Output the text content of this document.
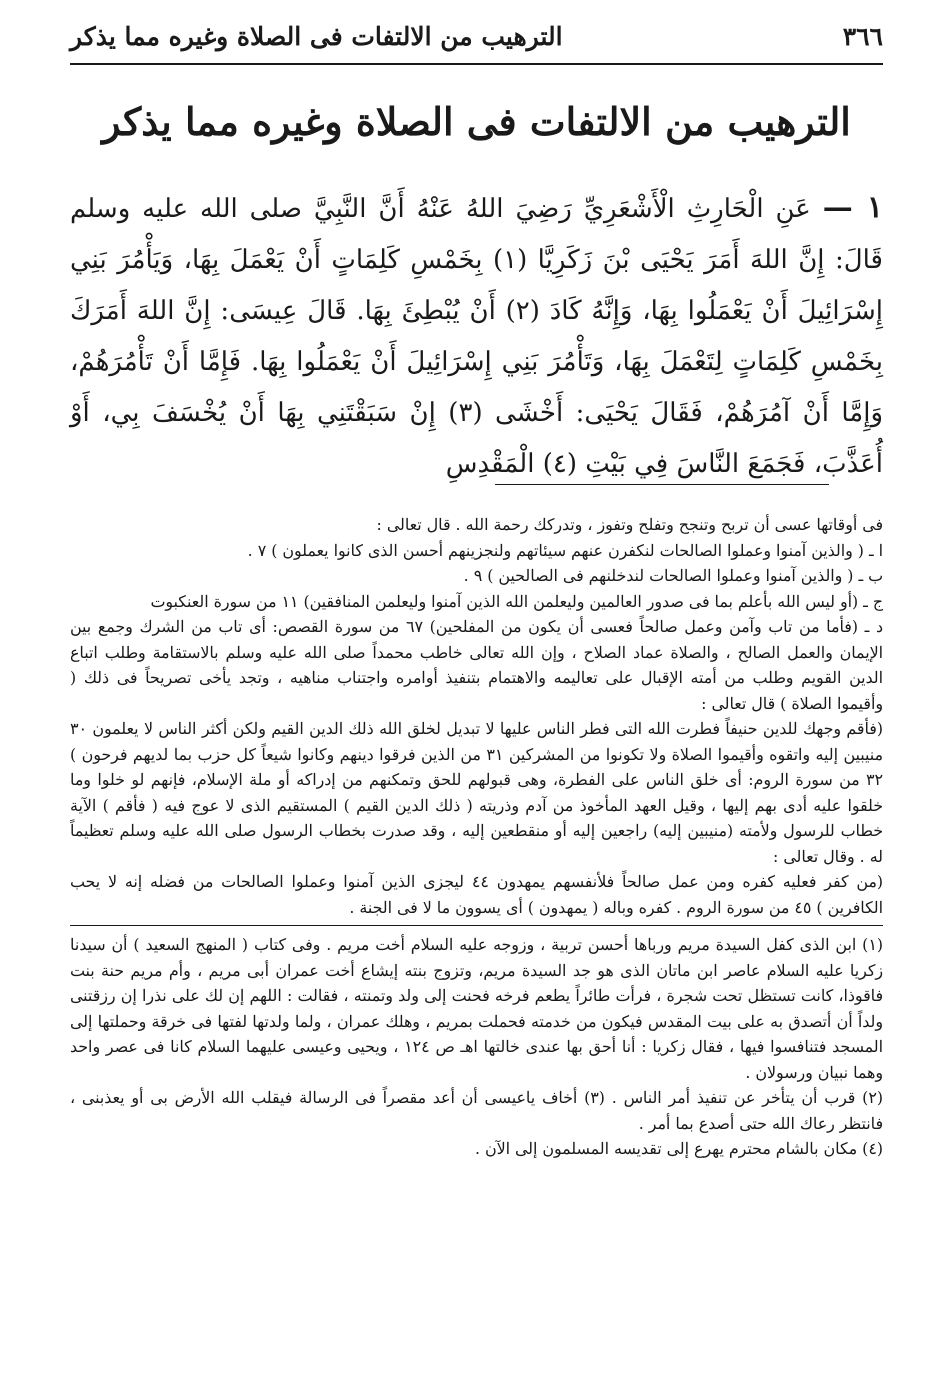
٣٦٦
الترهيب من الالتفات فى الصلاة وغيره مما يذكر
الترهيب من الالتفات فى الصلاة وغيره مما يذكر
١ — عَنِ الْحَارِثِ الْأَشْعَرِيِّ رَضِيَ اللهُ عَنْهُ أَنَّ النَّبِيَّ صلى الله عليه وسلم قَالَ: إِنَّ اللهَ أَمَرَ يَحْيَى بْنَ زَكَرِيَّا (١) بِخَمْسِ كَلِمَاتٍ أَنْ يَعْمَلَ بِهَا، وَيَأْمُرَ بَنِي إِسْرَائِيلَ أَنْ يَعْمَلُوا بِهَا، وَإِنَّهُ كَادَ (٢) أَنْ يُبْطِئَ بِهَا. قَالَ عِيسَى: إِنَّ اللهَ أَمَرَكَ بِخَمْسِ كَلِمَاتٍ لِتَعْمَلَ بِهَا، وَتَأْمُرَ بَنِي إِسْرَائِيلَ أَنْ يَعْمَلُوا بِهَا. فَإِمَّا أَنْ تَأْمُرَهُمْ، وَإِمَّا أَنْ آمُرَهُمْ، فَقَالَ يَحْيَى: أَخْشَى (٣) إِنْ سَبَقْتَنِي بِهَا أَنْ يُخْسَفَ بِي، أَوْ أُعَذَّبَ، فَجَمَعَ النَّاسَ فِي بَيْتِ (٤) الْمَقْدِسِ

فى أوقاتها عسى أن تربح وتنجح وتفلح وتفوز ، وتدركك رحمة الله . قال تعالى :

ا ـ ( والذين آمنوا وعملوا الصالحات لنكفرن عنهم سيئاتهم ولنجزينهم أحسن الذى كانوا يعملون ) ٧ .

ب ـ ( والذين آمنوا وعملوا الصالحات لندخلنهم فى الصالحين ) ٩ .

ج ـ (أو ليس الله بأعلم بما فى صدور العالمين وليعلمن الله الذين آمنوا وليعلمن المنافقين) ١١ من سورة العنكبوت

د ـ (فأما من تاب وآمن وعمل صالحاً فعسى أن يكون من المفلحين) ٦٧ من سورة القصص: أى تاب من الشرك وجمع بين الإيمان والعمل الصالح ، والصلاة عماد الصلاح ، وإن الله تعالى خاطب محمداً صلى الله عليه وسلم بالاستقامة وطلب اتباع الدين القويم وطلب من أمته الإقبال على تعاليمه والاهتمام بتنفيذ أوامره واجتناب مناهيه ، وتجد يأخى تصريحاً فى ذلك ( وأقيموا الصلاة ) قال تعالى :

(فأقم وجهك للدين حنيفاً فطرت الله التى فطر الناس عليها لا تبديل لخلق الله ذلك الدين القيم ولكن أكثر الناس لا يعلمون ٣٠ منيبين إليه واتقوه وأقيموا الصلاة ولا تكونوا من المشركين ٣١ من الذين فرقوا دينهم وكانوا شيعاً كل حزب بما لديهم فرحون ) ٣٢ من سورة الروم: أى خلق الناس على الفطرة، وهى قبولهم للحق وتمكنهم من إدراكه أو ملة الإسلام، فإنهم لو خلوا وما خلقوا عليه أدى بهم إليها ، وقيل العهد المأخوذ من آدم وذريته ( ذلك الدين القيم ) المستقيم الذى لا عوج فيه ( فأقم ) الآية خطاب للرسول ولأمته (منيبين إليه) راجعين إليه أو منقطعين إليه ، وقد صدرت بخطاب الرسول صلى الله عليه وسلم تعظيماً له . وقال تعالى :

(من كفر فعليه كفره ومن عمل صالحاً فلأنفسهم يمهدون ٤٤ ليجزى الذين آمنوا وعملوا الصالحات من فضله إنه لا يحب الكافرين ) ٤٥ من سورة الروم . كفره وباله ( يمهدون ) أى يسوون ما لا فى الجنة .

(١) ابن الذى كفل السيدة مريم ورباها أحسن تربية ، وزوجه عليه السلام أخت مريم . وفى كتاب ( المنهج السعيد ) أن سيدنا زكريا عليه السلام عاصر ابن ماتان الذى هو جد السيدة مريم، وتزوج بنته إيشاع أخت عمران أبى مريم ، وأم مريم حنة بنت فاقوذا، كانت تستظل تحت شجرة ، فرأت طائراً يطعم فرخه فحنت إلى ولد وتمنته ، فقالت : اللهم إن لك على نذرا إن رزقتنى ولداً أن أتصدق به على بيت المقدس فيكون من خدمته فحملت بمريم ، وهلك عمران ، ولما ولدتها لفتها فى خرقة وحملتها إلى المسجد فتنافسوا فيها ، فقال زكريا : أنا أحق بها عندى خالتها اهـ ص ١٢٤ ، ويحيى وعيسى عليهما السلام كانا فى عصر واحد وهما نبيان ورسولان .

(٢) قرب أن يتأخر عن تنفيذ أمر الناس . (٣) أخاف ياعيسى أن أعد مقصراً فى الرسالة فيقلب الله الأرض بى أو يعذبنى ، فانتظر رعاك الله حتى أصدع بما أمر .

(٤) مكان بالشام محترم يهرع إلى تقديسه المسلمون إلى الآن .
